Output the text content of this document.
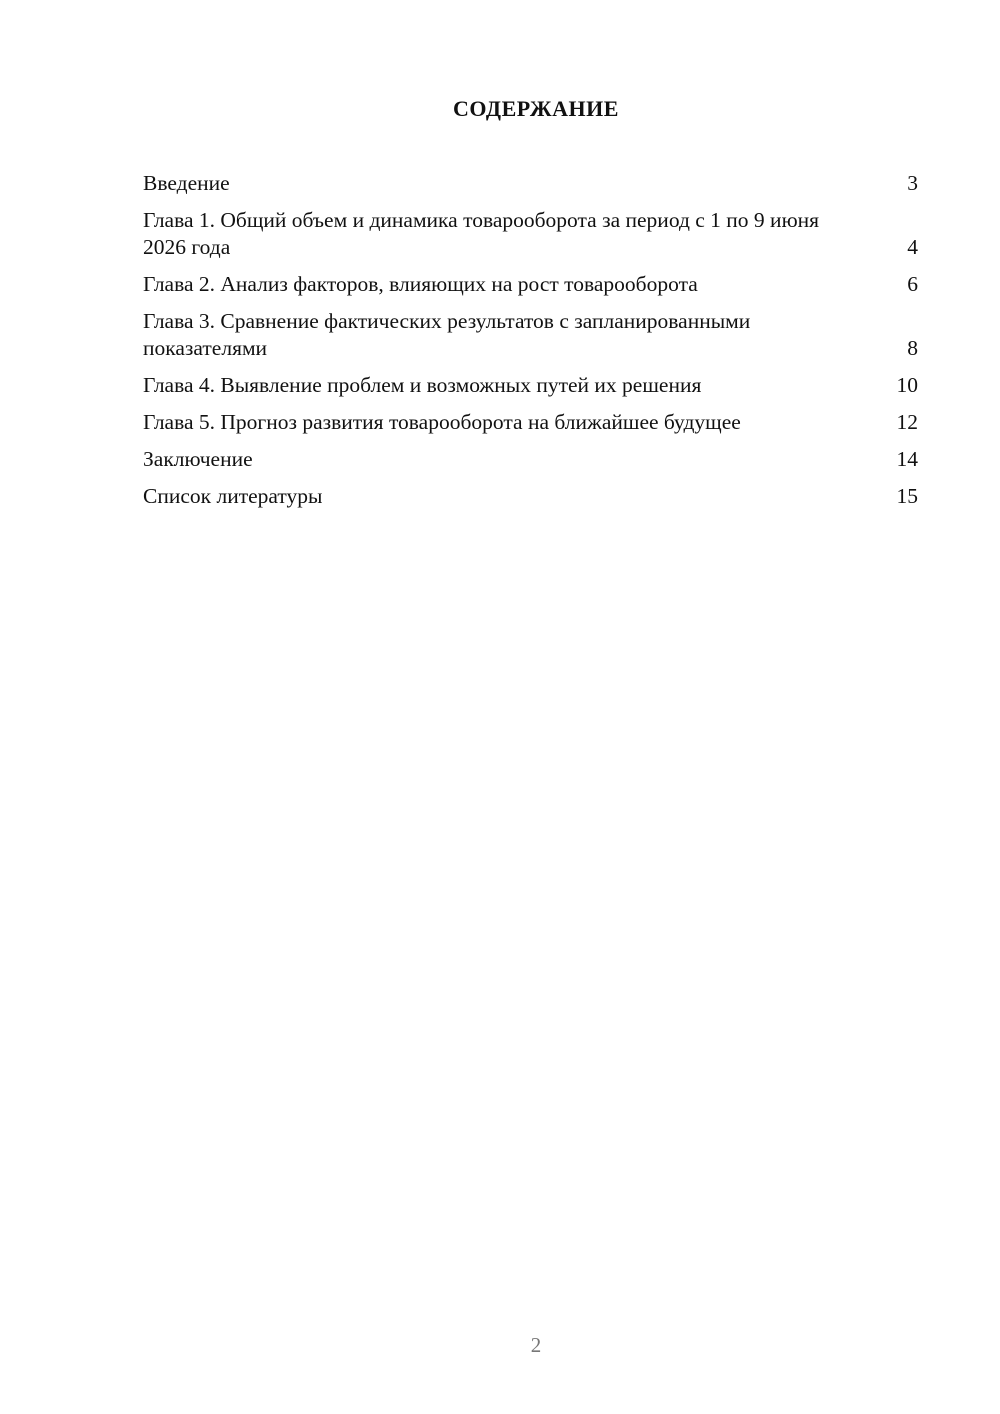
СОДЕРЖАНИЕ
Введение	3
Глава 1. Общий объем и динамика товарооборота за период с 1 по 9 июня 2026 года	4
Глава 2. Анализ факторов, влияющих на рост товарооборота	6
Глава 3. Сравнение фактических результатов с запланированными показателями	8
Глава 4. Выявление проблем и возможных путей их решения	10
Глава 5. Прогноз развития товарооборота на ближайшее будущее	12
Заключение	14
Список литературы	15
2
